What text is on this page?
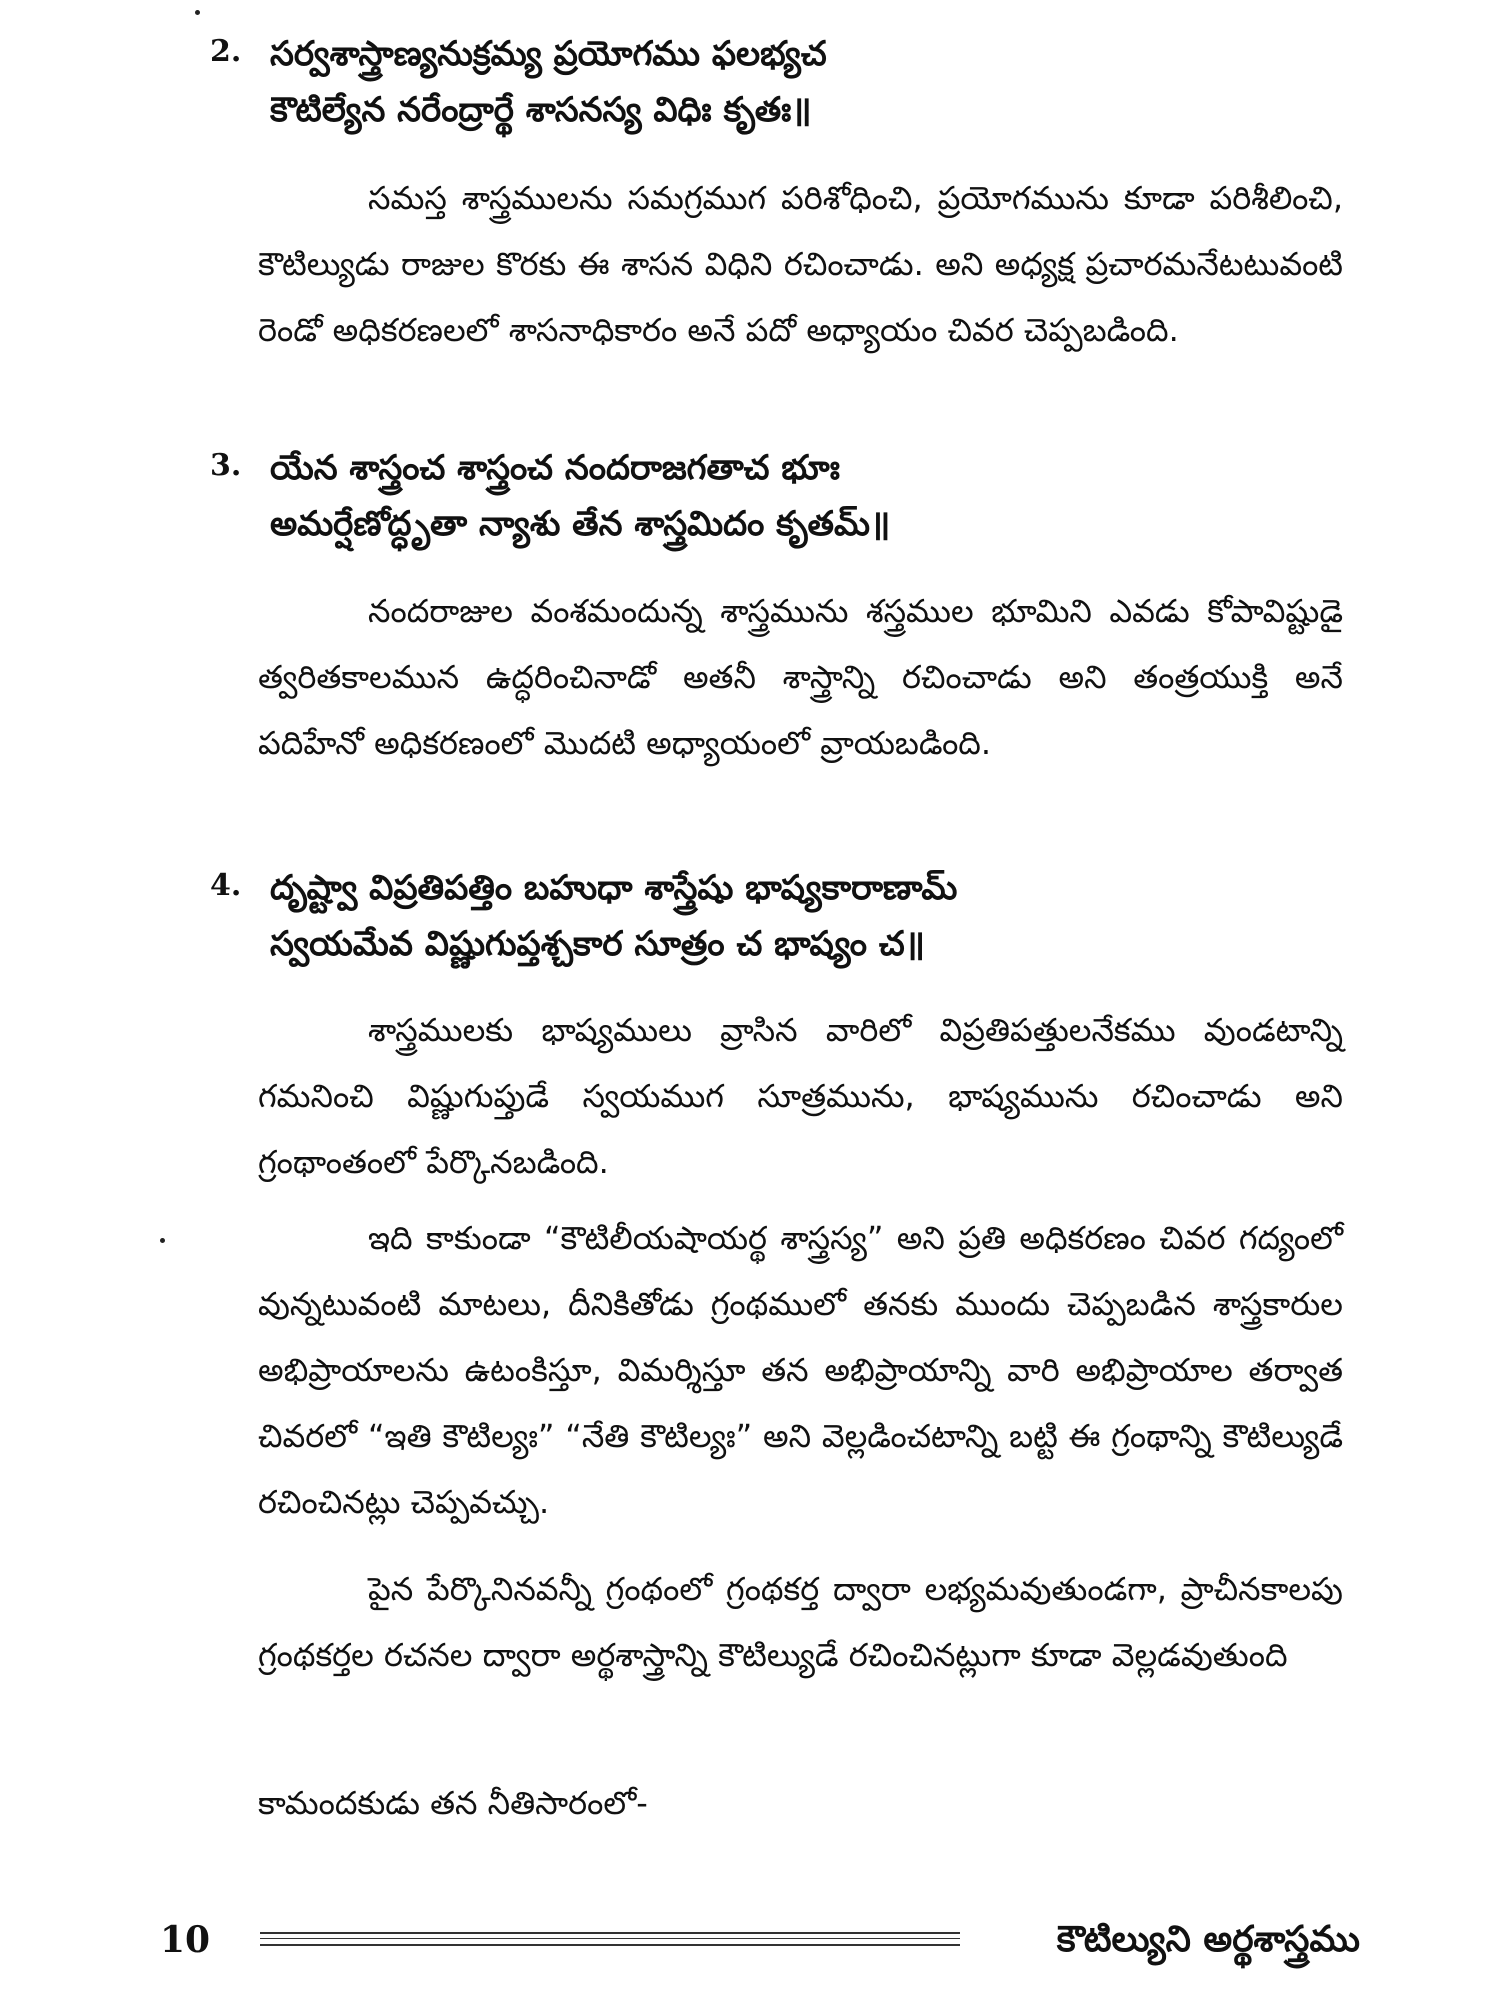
2. సర్వశాస్త్రాణ్యనుక్రమ్య ప్రయోగము ఫలభ్యచ
కౌటిల్యేన నరేంద్రార్థే శాసనస్య విధిః కృతః॥

సమస్త శాస్త్రములను సమగ్రముగ పరిశోధించి, ప్రయోగమును కూడా పరిశీలించి, కౌటిల్యుడు రాజుల కొరకు ఈ శాసన విధిని రచించాడు. అని అధ్యక్ష ప్రచారమనేటటువంటి రెండో అధికరణలలో శాసనాధికారం అనే పదో అధ్యాయం చివర చెప్పబడింది.

3. యేన శాస్త్రంచ శాస్త్రంచ నందరాజగతాచ భూః
అమర్షేణోద్ధృతా న్యాశు తేన శాస్త్రమిదం కృతమ్॥

నందరాజుల వంశమందున్న శాస్త్రమును శస్త్రముల భూమిని ఎవడు కోపావిష్టుడై త్వరితకాలమున ఉద్ధరించినాడో అతనీ శాస్త్రాన్ని రచించాడు అని తంత్రయుక్తి అనే పదిహేనో అధికరణంలో మొదటి అధ్యాయంలో వ్రాయబడింది.

4. దృష్ట్వా విప్రతిపత్తిం బహుధా శాస్త్రేషు భాష్యకారాణామ్
స్వయమేవ విష్ణుగుప్తశ్చకార సూత్రం చ భాష్యం చ॥

శాస్త్రములకు భాష్యములు వ్రాసిన వారిలో విప్రతిపత్తులనేకము వుండటాన్ని గమనించి విష్ణుగుప్తుడే స్వయముగ సూత్రమును, భాష్యమును రచించాడు అని గ్రంథాంతంలో పేర్కొనబడింది.

ఇది కాకుండా “కౌటిలీయషాయర్థ శాస్త్రస్య” అని ప్రతి అధికరణం చివర గద్యంలో వున్నటువంటి మాటలు, దీనికితోడు గ్రంథములో తనకు ముందు చెప్పబడిన శాస్త్రకారుల అభిప్రాయాలను ఉటంకిస్తూ, విమర్శిస్తూ తన అభిప్రాయాన్ని వారి అభిప్రాయాల తర్వాత చివరలో “ఇతి కౌటిల్యః” “నేతి కౌటిల్యః” అని వెల్లడించటాన్ని బట్టి ఈ గ్రంథాన్ని కౌటిల్యుడే రచించినట్లు చెప్పవచ్చు.

పైన పేర్కొనినవన్నీ గ్రంథంలో గ్రంథకర్త ద్వారా లభ్యమవుతుండగా, ప్రాచీనకాలపు గ్రంథకర్తల రచనల ద్వారా అర్థశాస్త్రాన్ని కౌటిల్యుడే రచించినట్లుగా కూడా వెల్లడవుతుంది

కామందకుడు తన నీతిసారంలో-
10	కౌటిల్యుని అర్థశాస్త్రము
